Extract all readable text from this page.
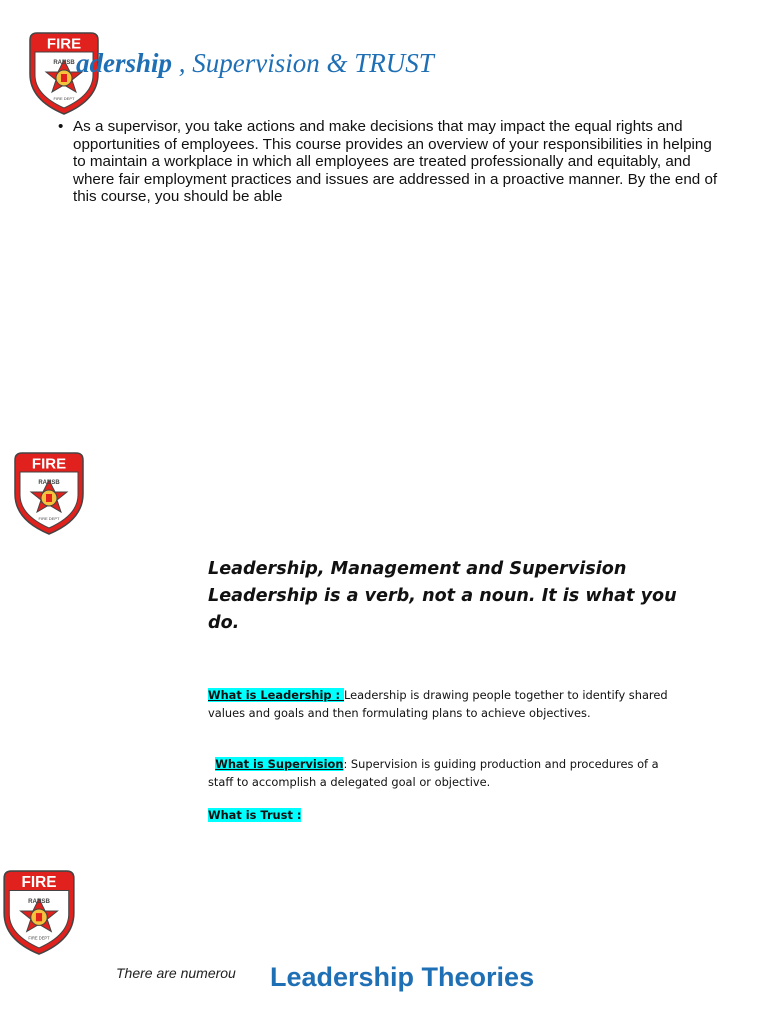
FIRE
RAUSB
FIRE DEPT
adership , Supervision & TRUST
• As a supervisor, you take actions and make decisions that may impact the equal rights and opportunities of employees. This course provides an overview of your responsibilities in helping to maintain a workplace in which all employees are treated professionally and equitably, and where fair employment practices and issues are addressed in a proactive manner. By the end of this course, you should be able
FIRE
RAUSB
FIRE DEPT
Leadership, Management and Supervision
Leadership is a verb, not a noun. It is what you do.
What is Leadership : Leadership is drawing people together to identify shared values and goals and then formulating plans to achieve objectives.
What is Supervision: Supervision is guiding production and procedures of a staff to accomplish a delegated goal or objective.
What is Trust :
FIRE
RAUSB
FIRE DEPT
There are numerou Leadership Theories
